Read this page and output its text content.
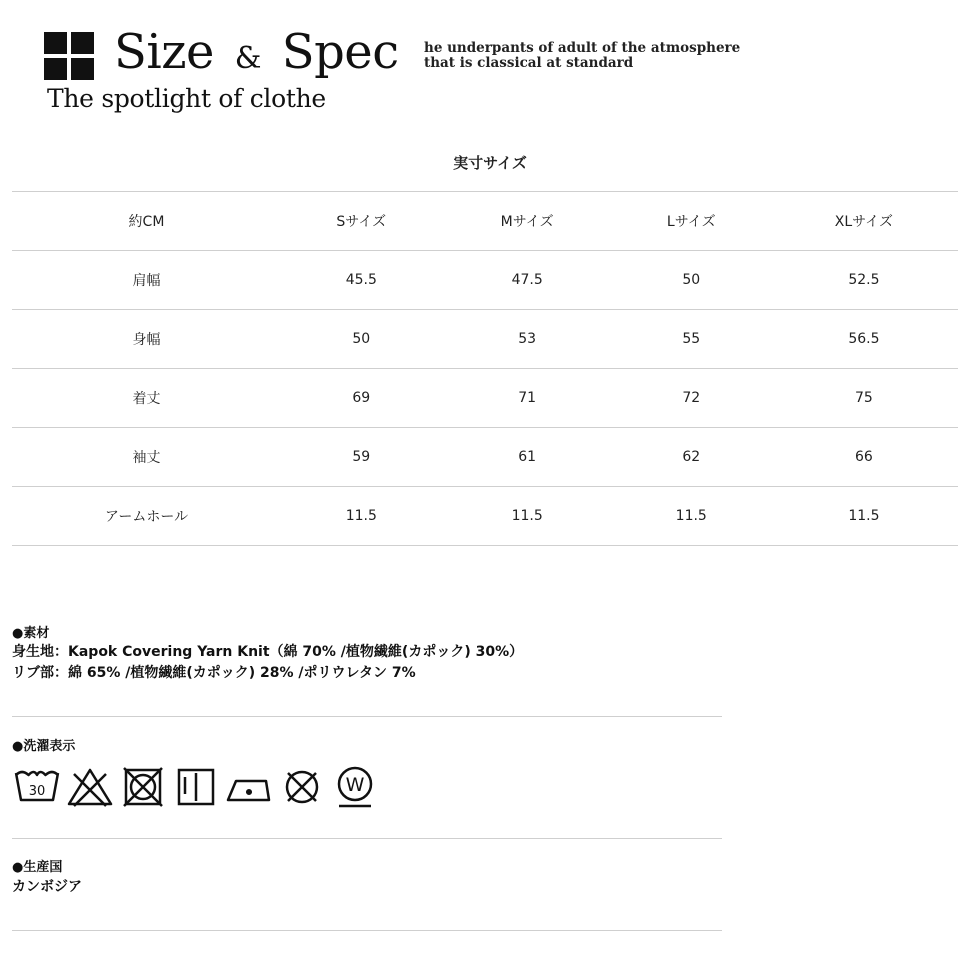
Size & Spec
The spotlight of clothe
he underpants of adult of the atmosphere
that is classical at standard
実寸サイズ
約CM	Sサイズ	Mサイズ	Lサイズ	XLサイズ
肩幅	45.5	47.5	50	52.5
身幅	50	53	55	56.5
着丈	69	71	72	75
袖丈	59	61	62	66
アームホール	11.5	11.5	11.5	11.5
●素材
身生地：Kapok Covering Yarn Knit（綿 70% /植物繊維(カポック) 30%）
リブ部：綿 65% /植物繊維(カポック) 28% /ポリウレタン 7%
●洗濯表示
30	W
●生産国
カンボジア
